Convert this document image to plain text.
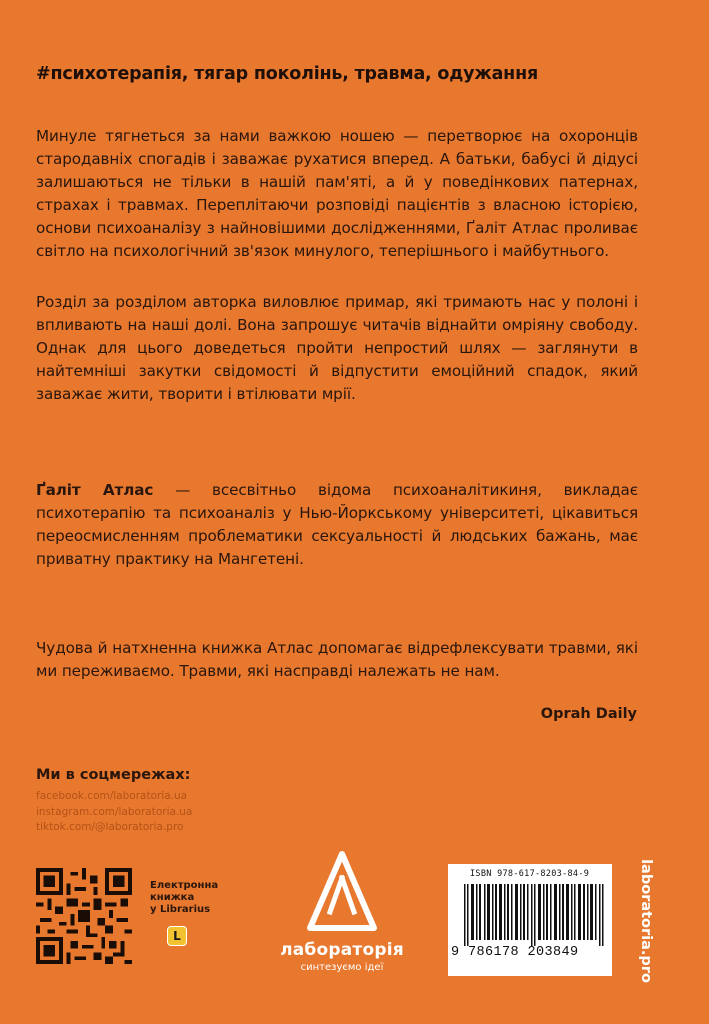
#психотерапія, тягар поколінь, травма, одужання
Минуле тягнеться за нами важкою ношею — перетворює на охоронців стародавніх спогадів і заважає рухатися вперед. А батьки, бабусі й дідусі залишаються не тільки в нашій пам'яті, а й у поведінкових патернах, страхах і травмах. Переплітаючи розповіді пацієнтів з власною історією, основи психоаналізу з найновішими дослідженнями, Ґаліт Атлас проливає світло на психологічний зв'язок минулого, теперішнього і майбутнього.
Розділ за розділом авторка виловлює примар, які тримають нас у полоні і впливають на наші долі. Вона запрошує читачів віднайти омріяну свободу. Однак для цього доведеться пройти непростий шлях — заглянути в найтемніші закутки свідомості й відпустити емоційний спадок, який заважає жити, творити і втілювати мрії.
Ґаліт Атлас — всесвітньо відома психоаналітикиня, викладає психотерапію та психоаналіз у Нью-Йоркському університеті, цікавиться переосмисленням проблематики сексуальності й людських бажань, має приватну практику на Мангетені.
Чудова й натхненна книжка Атлас допомагає відрефлексувати травми, які ми переживаємо. Травми, які насправді належать не нам.
Oprah Daily
Ми в соцмережах:
facebook.com/laboratoria.ua
instagram.com/laboratoria.ua
tiktok.com/@laboratoria.pro
Електронна
книжка
у Librarius
L
лабораторія
синтезуємо ідеї
ISBN 978-617-8203-84-9
9 786178 203849	laboratoria.pro
